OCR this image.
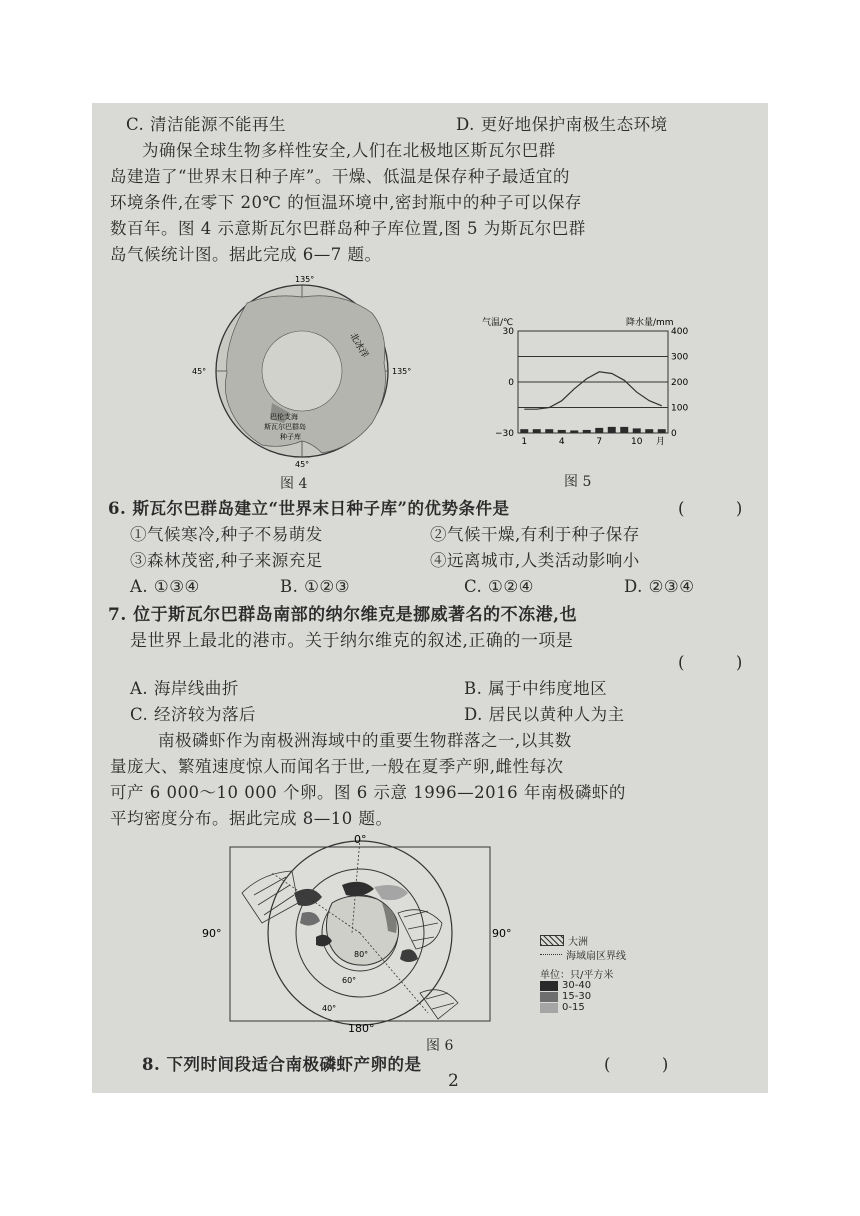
C. 清洁能源不能再生	D. 更好地保护南极生态环境
为确保全球生物多样性安全,人们在北极地区斯瓦尔巴群
岛建造了“世界末日种子库”。干燥、低温是保存种子最适宜的
环境条件,在零下 20℃ 的恒温环境中,密封瓶中的种子可以保存
数百年。图 4 示意斯瓦尔巴群岛种子库位置,图 5 为斯瓦尔巴群
岛气候统计图。据此完成 6—7 题。
135°
45°	135°
45°
北冰洋
巴伦支海
斯瓦尔巴群岛
种子库
图 4
气温/℃	降水量/mm
30
0
−30
400
300
200
100
0
1	4	7	10 月
图 5
6. 斯瓦尔巴群岛建立“世界末日种子库”的优势条件是	(　　　)
①气候寒冷,种子不易萌发	②气候干燥,有利于种子保存
③森林茂密,种子来源充足	④远离城市,人类活动影响小
A. ①③④	B. ①②③	C. ①②④	D. ②③④
7. 位于斯瓦尔巴群岛南部的纳尔维克是挪威著名的不冻港,也
是世界上最北的港市。关于纳尔维克的叙述,正确的一项是
(　　　)
A. 海岸线曲折	B. 属于中纬度地区
C. 经济较为落后	D. 居民以黄种人为主
南极磷虾作为南极洲海域中的重要生物群落之一,以其数
量庞大、繁殖速度惊人而闻名于世,一般在夏季产卵,雌性每次
可产 6 000～10 000 个卵。图 6 示意 1996—2016 年南极磷虾的
平均密度分布。据此完成 8—10 题。
0°
90°	90°
180°
80°
60°
40°
大洲
海域扇区界线
单位：只/平方米
30-40
15-30
0-15
图 6
8. 下列时间段适合南极磷虾产卵的是	(　　　)
2
